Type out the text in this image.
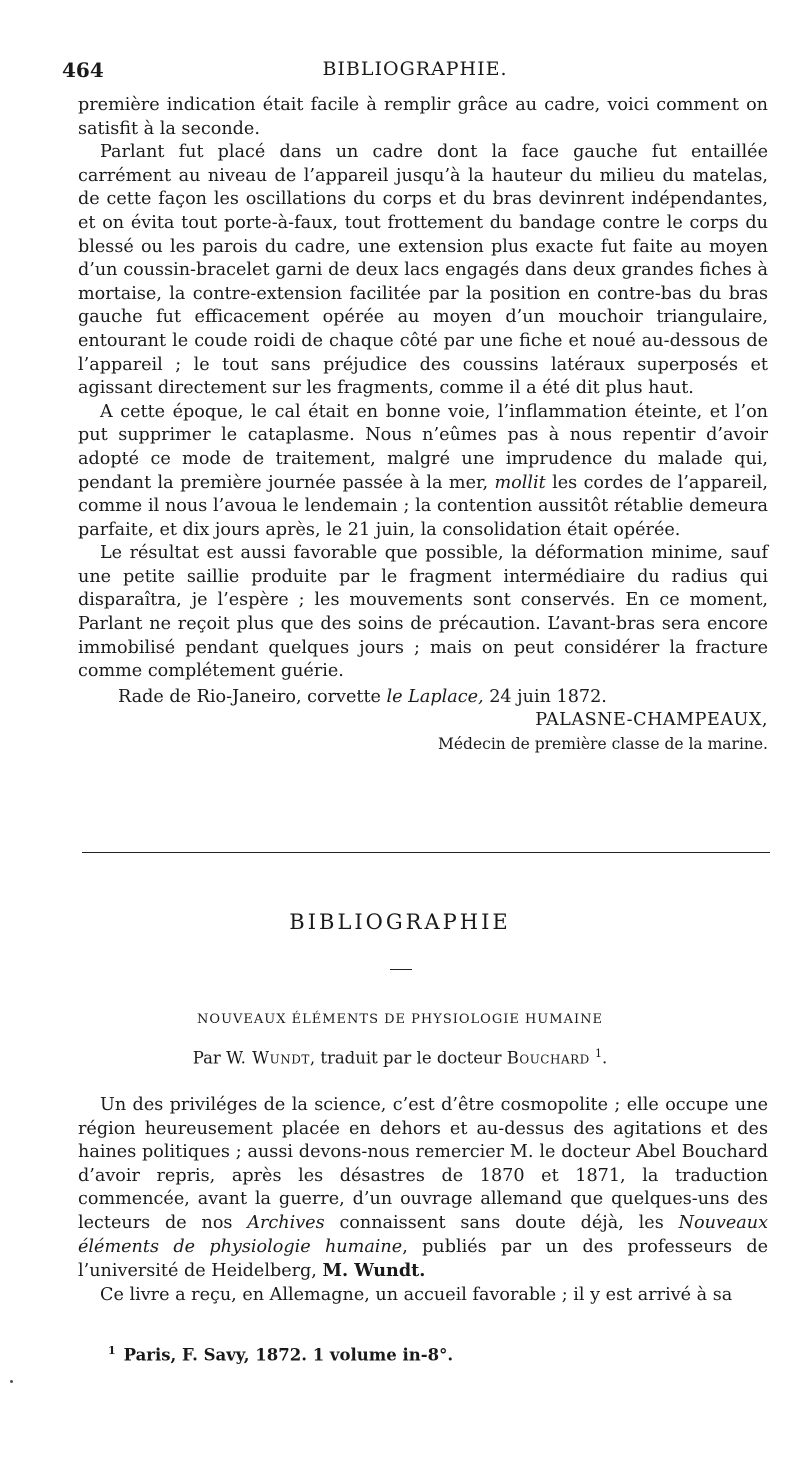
464	BIBLIOGRAPHIE.

première indication était facile à remplir grâce au cadre, voici comment on satisfit à la seconde.

Parlant fut placé dans un cadre dont la face gauche fut entaillée carrément au niveau de l’appareil jusqu’à la hauteur du milieu du matelas, de cette façon les oscillations du corps et du bras devinrent indépendantes, et on évita tout porte-à-faux, tout frottement du bandage contre le corps du blessé ou les parois du cadre, une extension plus exacte fut faite au moyen d’un coussin-bracelet garni de deux lacs engagés dans deux grandes fiches à mortaise, la contre-extension facilitée par la position en contre-bas du bras gauche fut efficacement opérée au moyen d’un mouchoir triangulaire, entourant le coude roidi de chaque côté par une fiche et noué au-dessous de l’appareil ; le tout sans préjudice des coussins latéraux superposés et agissant directement sur les fragments, comme il a été dit plus haut.

A cette époque, le cal était en bonne voie, l’inflammation éteinte, et l’on put supprimer le cataplasme. Nous n’eûmes pas à nous repentir d’avoir adopté ce mode de traitement, malgré une imprudence du malade qui, pendant la première journée passée à la mer, mollit les cordes de l’appareil, comme il nous l’avoua le lendemain ; la contention aussitôt rétablie demeura parfaite, et dix jours après, le 21 juin, la consolidation était opérée.

Le résultat est aussi favorable que possible, la déformation minime, sauf une petite saillie produite par le fragment intermédiaire du radius qui disparaîtra, je l’espère ; les mouvements sont conservés. En ce moment, Parlant ne reçoit plus que des soins de précaution. L’avant-bras sera encore immobilisé pendant quelques jours ; mais on peut considérer la fracture comme complétement guérie.

Rade de Rio-Janeiro, corvette le Laplace, 24 juin 1872.

PALASNE-CHAMPEAUX,

Médecin de première classe de la marine.

BIBLIOGRAPHIE
NOUVEAUX ÉLÉMENTS DE PHYSIOLOGIE HUMAINE
Par W. Wundt, traduit par le docteur Bouchard $^1$.

Un des priviléges de la science, c’est d’être cosmopolite ; elle occupe une région heureusement placée en dehors et au-dessus des agitations et des haines politiques ; aussi devons-nous remercier M. le docteur Abel Bouchard d’avoir repris, après les désastres de 1870 et 1871, la traduction commencée, avant la guerre, d’un ouvrage allemand que quelques-uns des lecteurs de nos Archives connaissent sans doute déjà, les Nouveaux éléments de physiologie humaine, publiés par un des professeurs de l’université de Heidelberg, M. Wundt.

Ce livre a reçu, en Allemagne, un accueil favorable ; il y est arrivé à sa

$^1$ Paris, F. Savy, 1872. 1 volume in-8°.
